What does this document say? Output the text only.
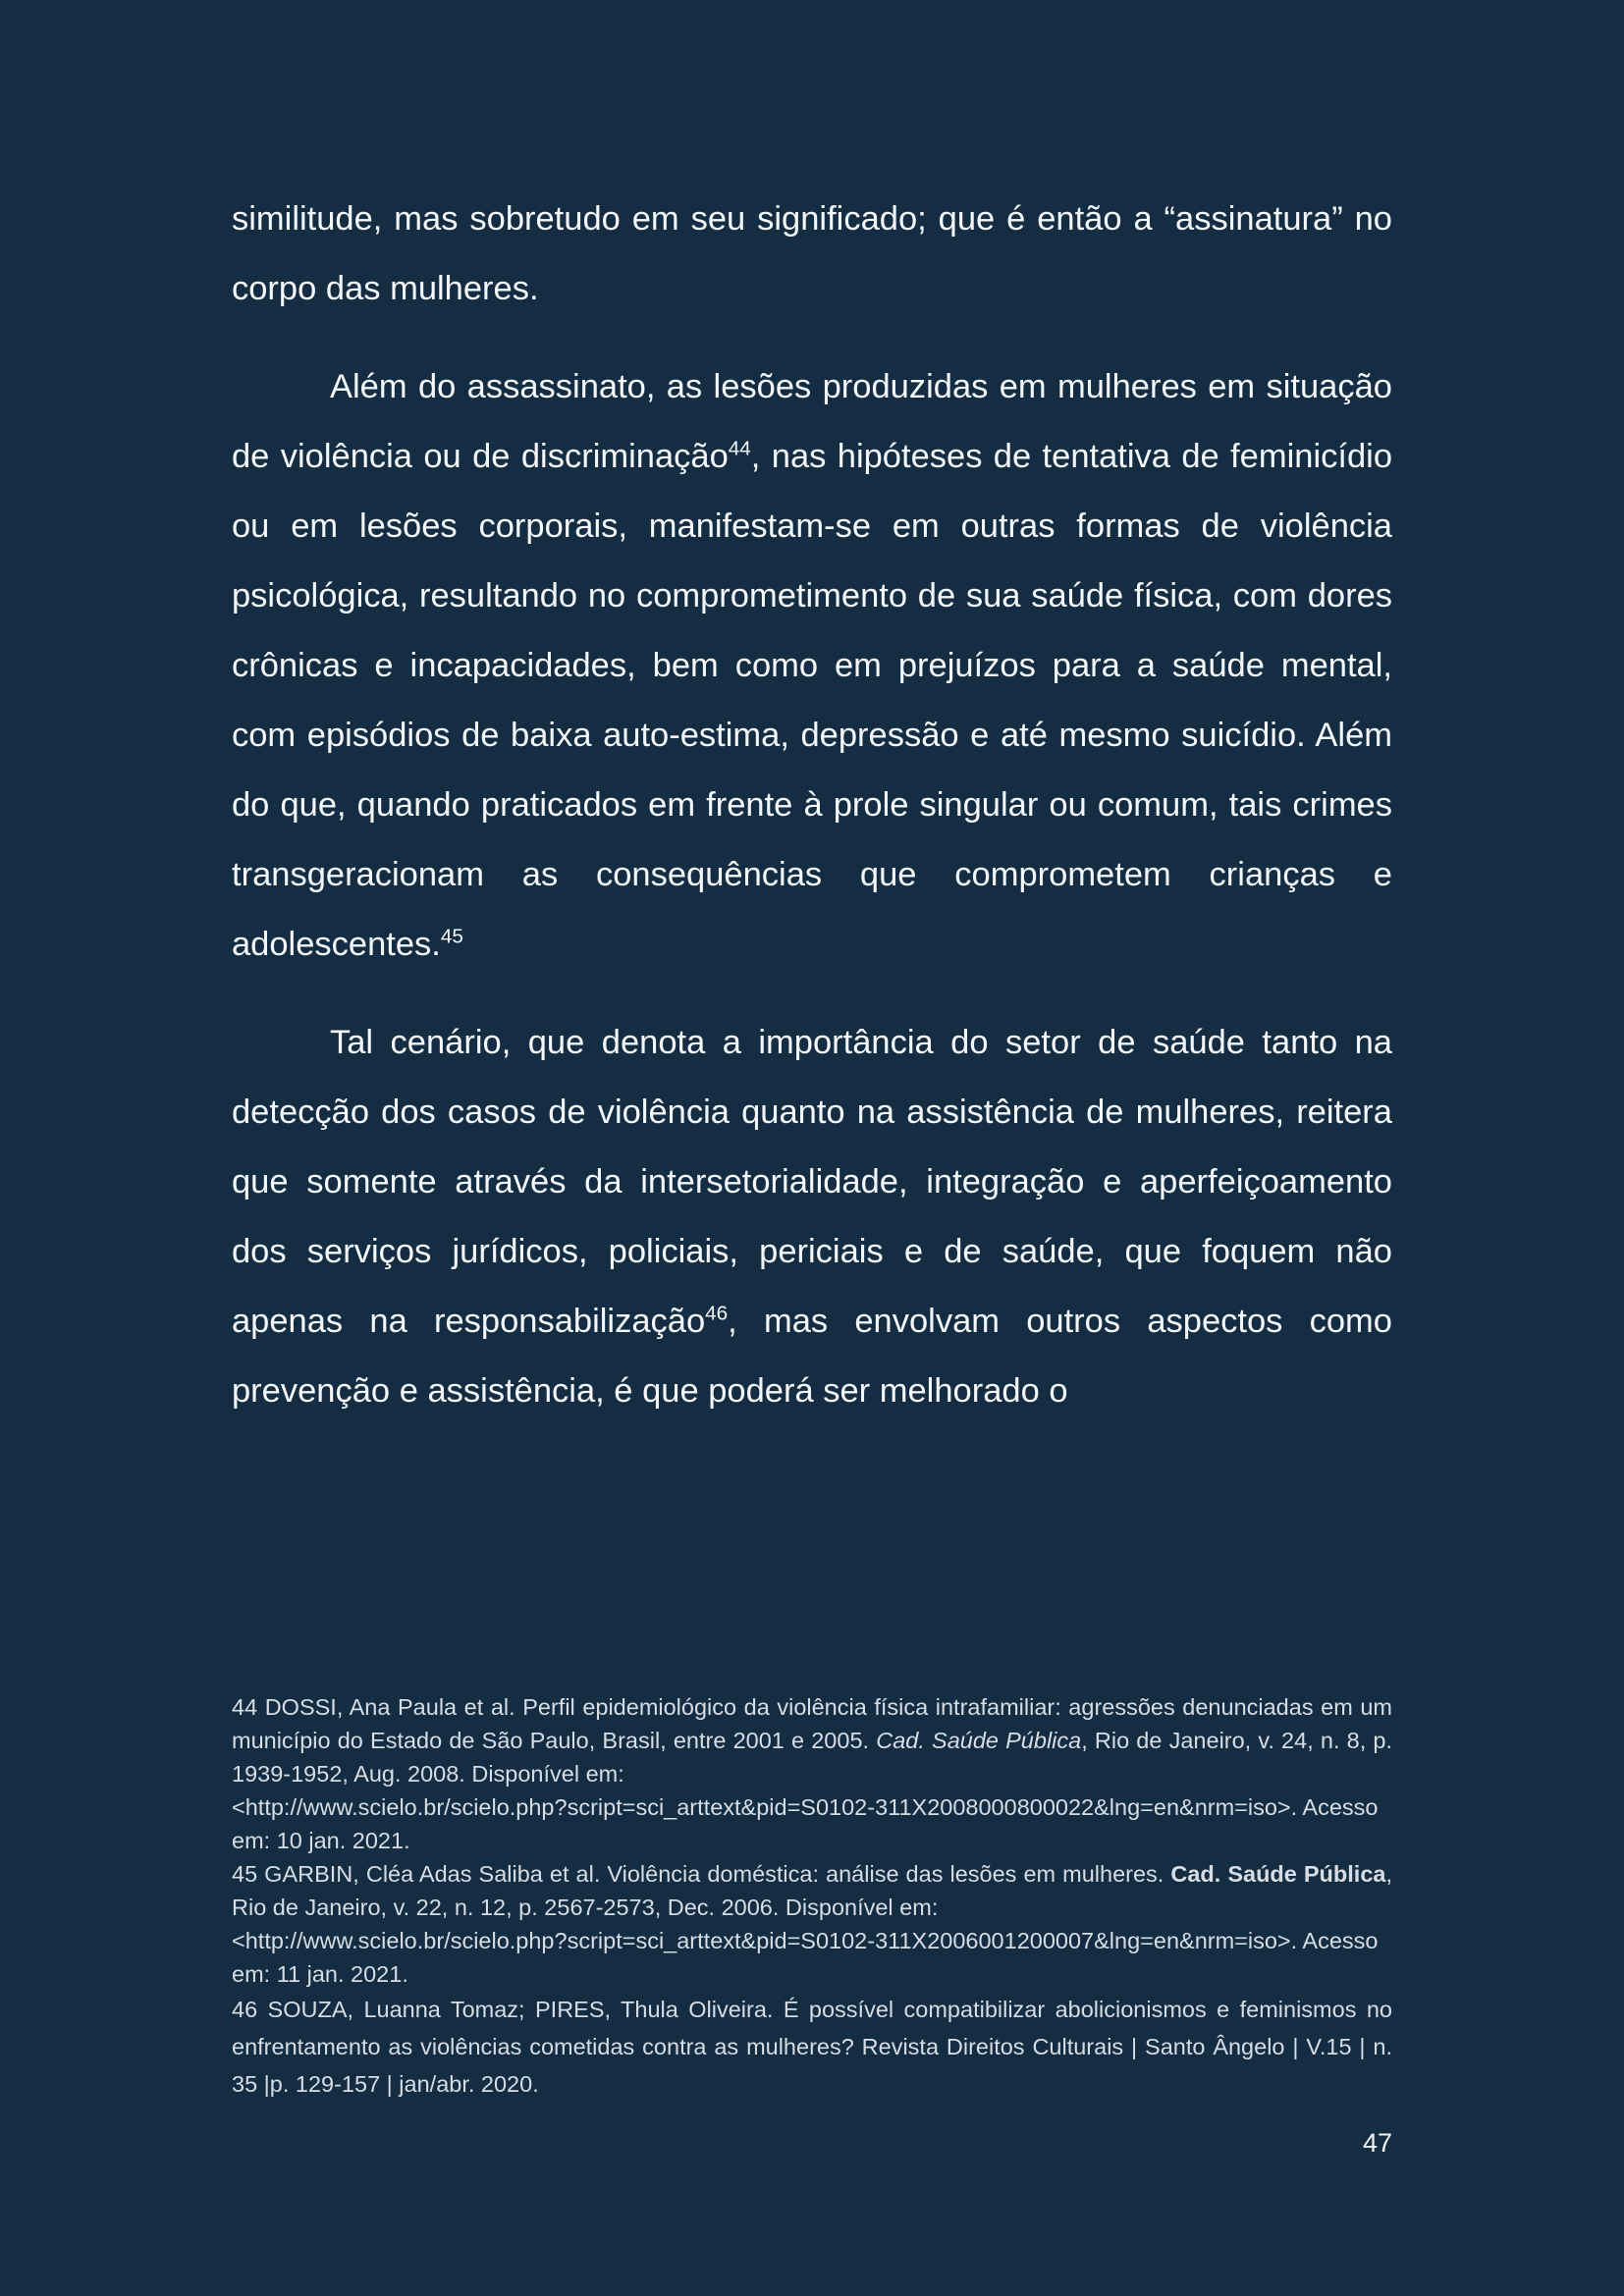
similitude, mas sobretudo em seu significado; que é então a “assinatura” no corpo das mulheres.

Além do assassinato, as lesões produzidas em mulheres em situação de violência ou de discriminação$^{44}$, nas hipóteses de tentativa de feminicídio ou em lesões corporais, manifestam-se em outras formas de violência psicológica, resultando no comprometimento de sua saúde física, com dores crônicas e incapacidades, bem como em prejuízos para a saúde mental, com episódios de baixa auto-estima, depressão e até mesmo suicídio. Além do que, quando praticados em frente à prole singular ou comum, tais crimes transgeracionam as consequências que comprometem crianças e adolescentes.$^{45}$

Tal cenário, que denota a importância do setor de saúde tanto na detecção dos casos de violência quanto na assistência de mulheres, reitera que somente através da intersetorialidade, integração e aperfeiçoamento dos serviços jurídicos, policiais, periciais e de saúde, que foquem não apenas na responsabilização$^{46}$, mas envolvam outros aspectos como prevenção e assistência, é que poderá ser melhorado o

44 DOSSI, Ana Paula et al. Perfil epidemiológico da violência física intrafamiliar: agressões denunciadas em um município do Estado de São Paulo, Brasil, entre 2001 e 2005. Cad. Saúde Pública, Rio de Janeiro, v. 24, n. 8, p. 1939-1952, Aug. 2008. Disponível em:
<http://www.scielo.br/scielo.php?script=sci_arttext&pid=S0102-311X2008000800022&lng=en&nrm=iso>. Acesso em: 10 jan. 2021.

45 GARBIN, Cléa Adas Saliba et al. Violência doméstica: análise das lesões em mulheres. Cad. Saúde Pública, Rio de Janeiro, v. 22, n. 12, p. 2567-2573, Dec. 2006. Disponível em:
<http://www.scielo.br/scielo.php?script=sci_arttext&pid=S0102-311X2006001200007&lng=en&nrm=iso>. Acesso em: 11 jan. 2021.

46 SOUZA, Luanna Tomaz; PIRES, Thula Oliveira. É possível compatibilizar abolicionismos e feminismos no enfrentamento as violências cometidas contra as mulheres? Revista Direitos Culturais | Santo Ângelo | V.15 | n. 35 |p. 129-157 | jan/abr. 2020.

47
